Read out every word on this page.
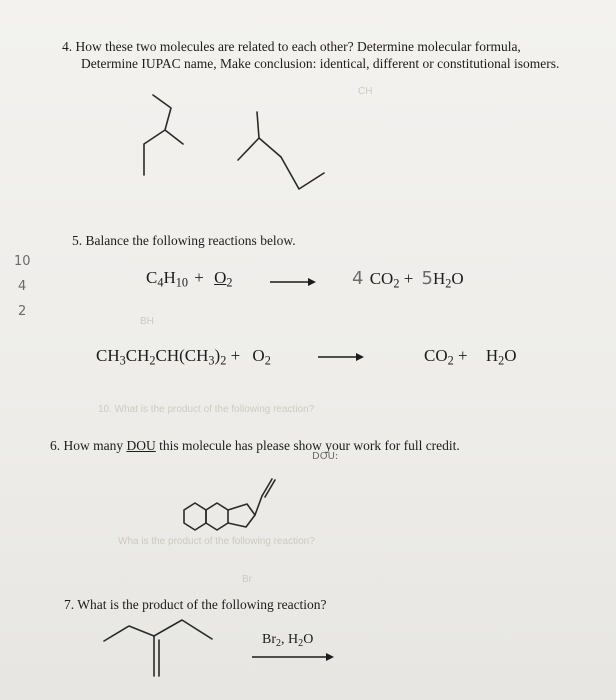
10. What is the product of the following reaction?
Wha is the product of the following reaction?
Br
BH
CH
10
4
2
4. How these two molecules are related to each other? Determine molecular formula,
Determine IUPAC name, Make conclusion: identical, different or constitutional isomers.
5. Balance the following reactions below.
$C_4H_{10} + O_2$	4 $CO_2 + 5H_2O$
$CH_3CH_2CH(CH_3)_2 + O_2$	$CO_2 + H_2O$
6. How many DOU this molecule has please show your work for full credit.
DOU:
7. What is the product of the following reaction?
$Br_2$, $H_2O$
